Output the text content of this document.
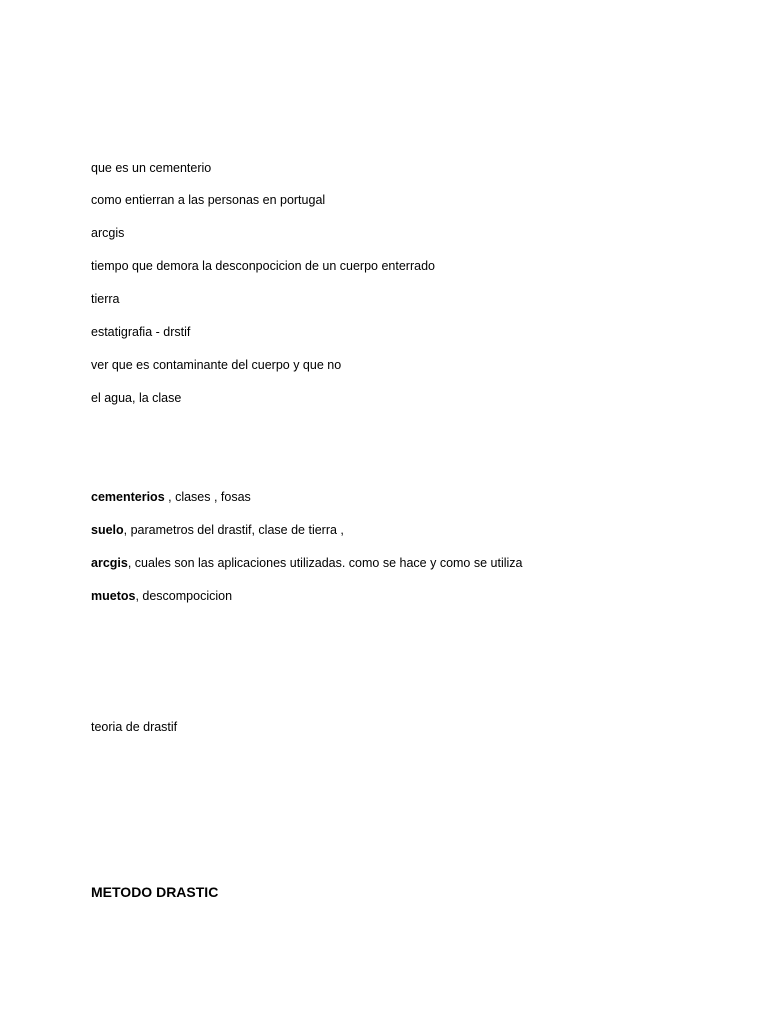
que es un cementerio
como entierran a las personas en portugal
arcgis
tiempo que demora la desconpocicion de un cuerpo enterrado
tierra
estatigrafia - drstif
ver que es contaminante del cuerpo y que no
el agua, la clase
cementerios , clases , fosas
suelo, parametros del drastif, clase de tierra ,
arcgis, cuales son las aplicaciones utilizadas. como se hace y como se utiliza
muetos, descompocicion
teoria de drastif
METODO DRASTIC
